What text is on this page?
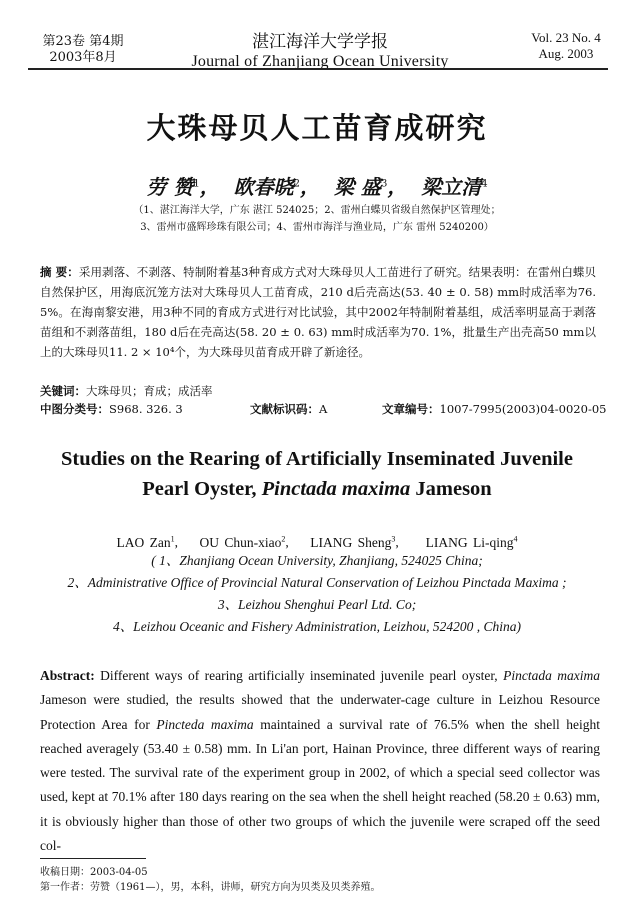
第23卷 第4期
2003年8月
湛江海洋大学学报
Journal of Zhanjiang Ocean University
Vol. 23 No. 4
Aug. 2003
大珠母贝人工苗育成研究
劳 赞$^1$，  欧春晓$^2$，  梁 盛$^3$，  梁立清$^4$
（1、湛江海洋大学，广东 湛江 524025；2、雷州白蝶贝省级自然保护区管理处；
3、雷州市盛辉珍珠有限公司；4、雷州市海洋与渔业局，广东 雷州 5240200）
摘 要：采用剥落、不剥落、特制附着基3种育成方式对大珠母贝人工苗进行了研究。结果表明：在雷州白蝶贝自然保护区，用海底沉笼方法对大珠母贝人工苗育成，210 d后壳高达(53. 40 ± 0. 58) mm时成活率为76. 5%。在海南黎安港，用3种不同的育成方式进行对比试验，其中2002年特制附着基组，成活率明显高于剥落苗组和不剥落苗组，180 d后在壳高达(58. 20 ± 0. 63) mm时成活率为70. 1%，批量生产出壳高50 mm以上的大珠母贝11. 2 × 10⁴个，为大珠母贝苗育成开辟了新途径。
关键词：大珠母贝；育成；成活率
中图分类号：S968. 326. 3	文献标识码：A	文章编号：1007-7995(2003)04-0020-05
Studies on the Rearing of Artificially Inseminated Juvenile
Pearl Oyster, Pinctada maxima Jameson
LAO Zan$^1$,    OU Chun-xiao$^2$,    LIANG Sheng$^3$,     LIANG Li-qing$^4$
( 1、Zhanjiang Ocean University, Zhanjiang, 524025 China;
2、Administrative Office of Provincial Natural Conservation of Leizhou Pinctada Maxima ;
3、Leizhou Shenghui Pearl Ltd. Co;
4、Leizhou Oceanic and Fishery Administration, Leizhou, 524200 , China)
Abstract: Different ways of rearing artificially inseminated juvenile pearl oyster, Pinctada maxima Jameson were studied, the results showed that the underwater-cage culture in Leizhou Resource Protection Area for Pincteda maxima maintained a survival rate of 76.5% when the shell height reached averagely (53.40 ± 0.58) mm. In Li'an port, Hainan Province, three different ways of rearing were tested. The survival rate of the experiment group in 2002, of which a special seed collector was used, kept at 70.1% after 180 days rearing on the sea when the shell height reached (58.20 ± 0.63) mm, it is obviously higher than those of other two groups of which the juvenile were scraped off the seed col-
收稿日期：2003-04-05
第一作者：劳赞（1961—），男，本科，讲师，研究方向为贝类及贝类养殖。
